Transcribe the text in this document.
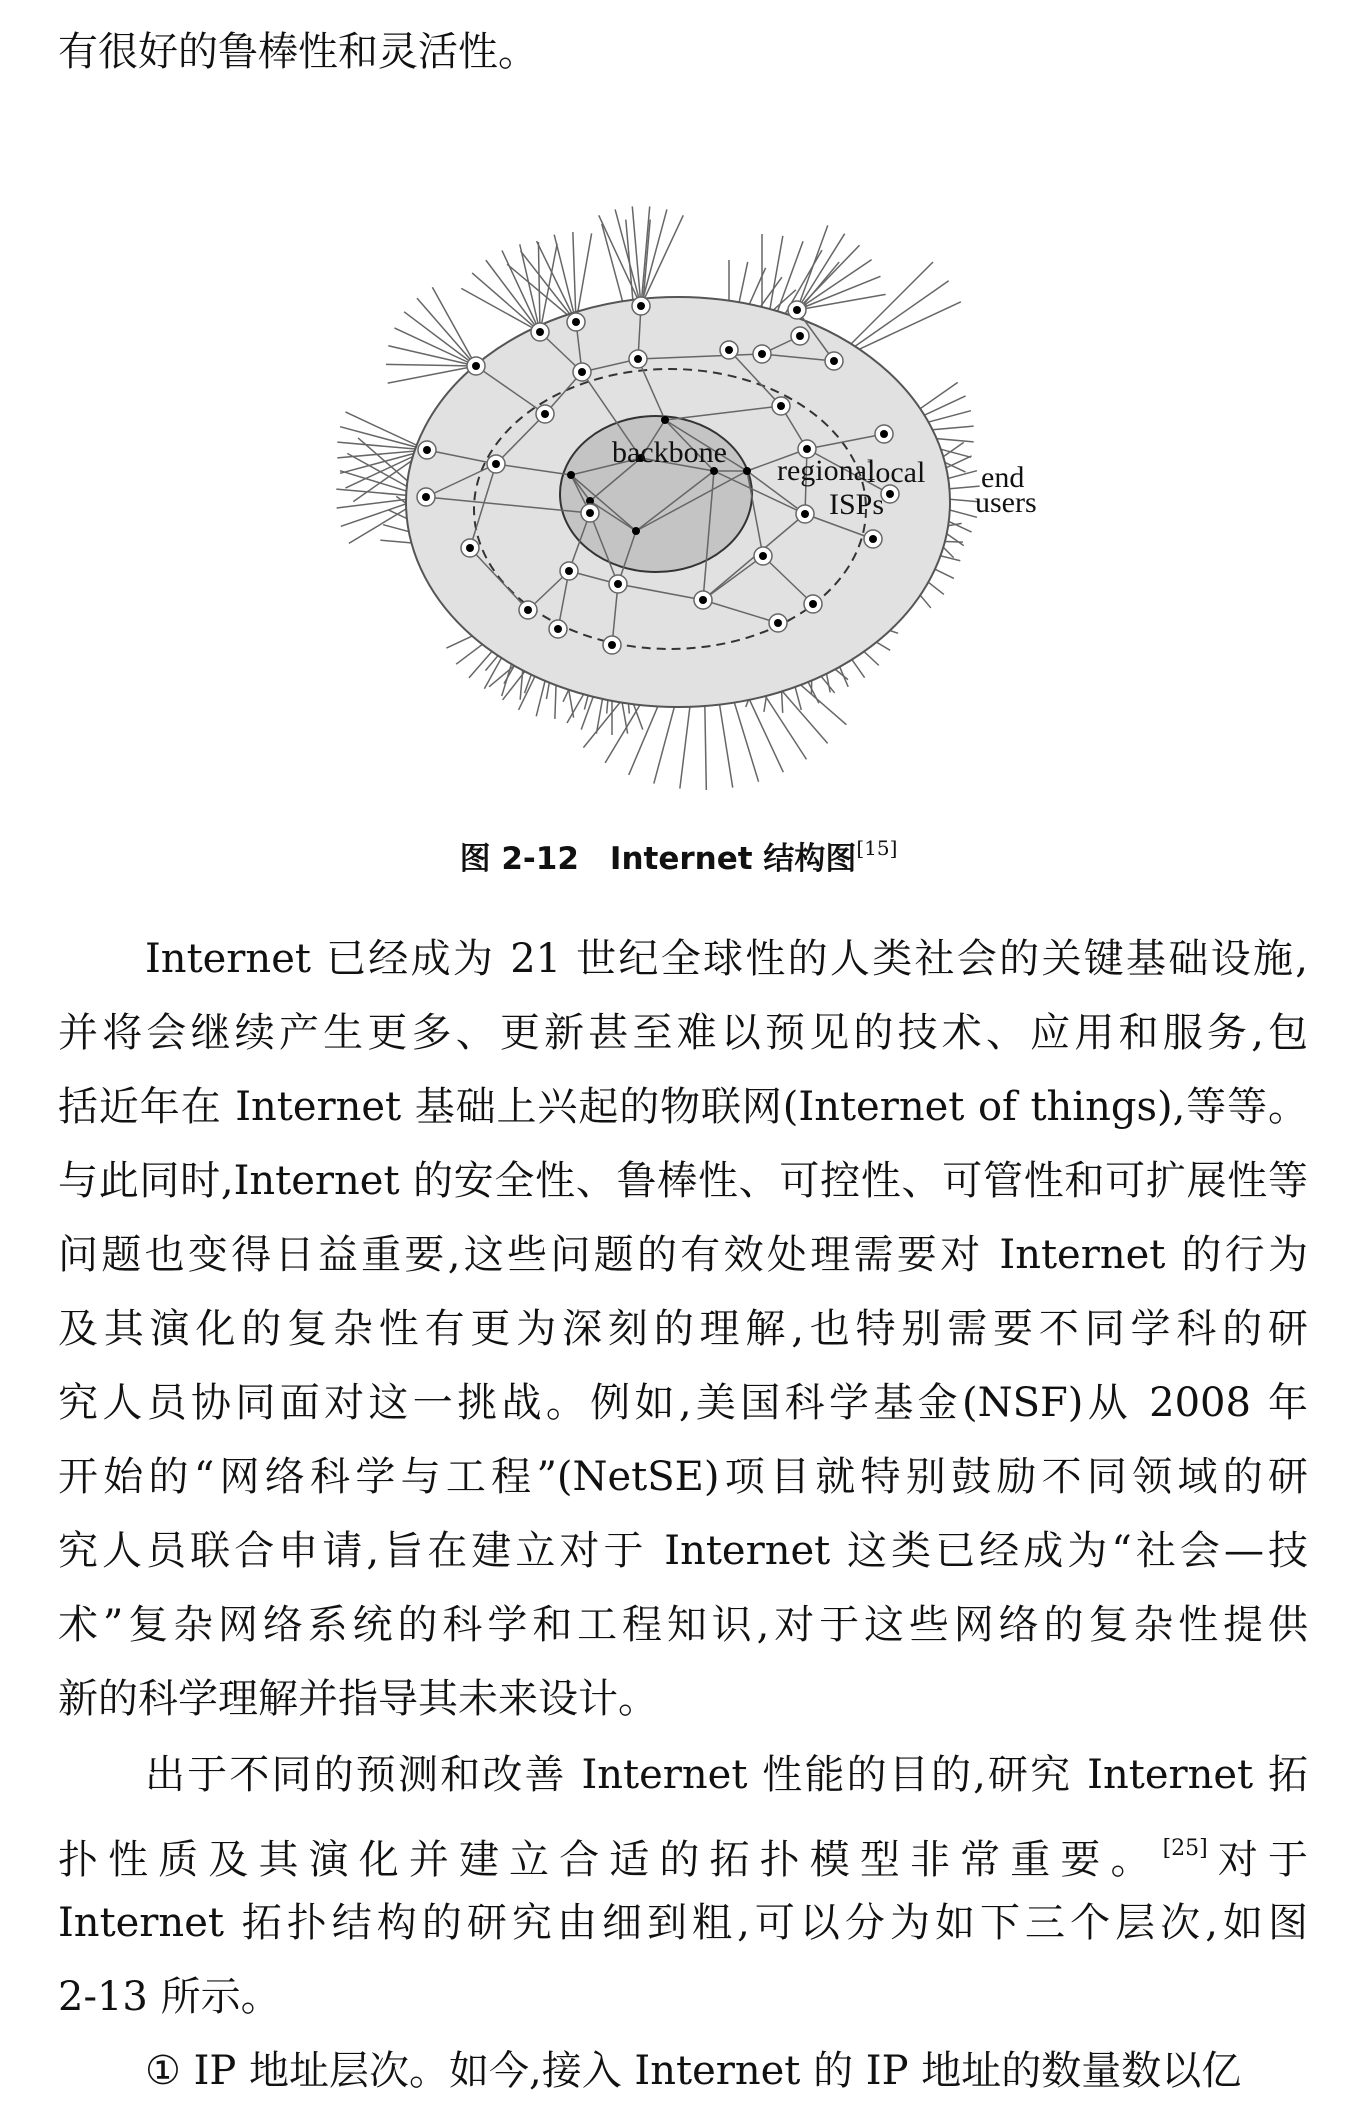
有很好的鲁棒性和灵活性。
backbone
regional
local
ISPs
end
users
图 2-12　Internet 结构图[15]
Internet 已经成为 21 世纪全球性的人类社会的关键基础设施,
并将会继续产生更多、更新甚至难以预见的技术、应用和服务,包
括近年在 Internet 基础上兴起的物联网(Internet of things),等等。
与此同时,Internet 的安全性、鲁棒性、可控性、可管性和可扩展性等
问题也变得日益重要,这些问题的有效处理需要对 Internet 的行为
及其演化的复杂性有更为深刻的理解,也特别需要不同学科的研
究人员协同面对这一挑战。例如,美国科学基金(NSF)从 2008 年
开始的“网络科学与工程”(NetSE)项目就特别鼓励不同领域的研
究人员联合申请,旨在建立对于 Internet 这类已经成为“社会—技
术”复杂网络系统的科学和工程知识,对于这些网络的复杂性提供
新的科学理解并指导其未来设计。
出于不同的预测和改善 Internet 性能的目的,研究 Internet 拓
扑性质及其演化并建立合适的拓扑模型非常重要。[25]对于
Internet 拓扑结构的研究由细到粗,可以分为如下三个层次,如图
2-13 所示。
① IP 地址层次。如今,接入 Internet 的 IP 地址的数量数以亿
